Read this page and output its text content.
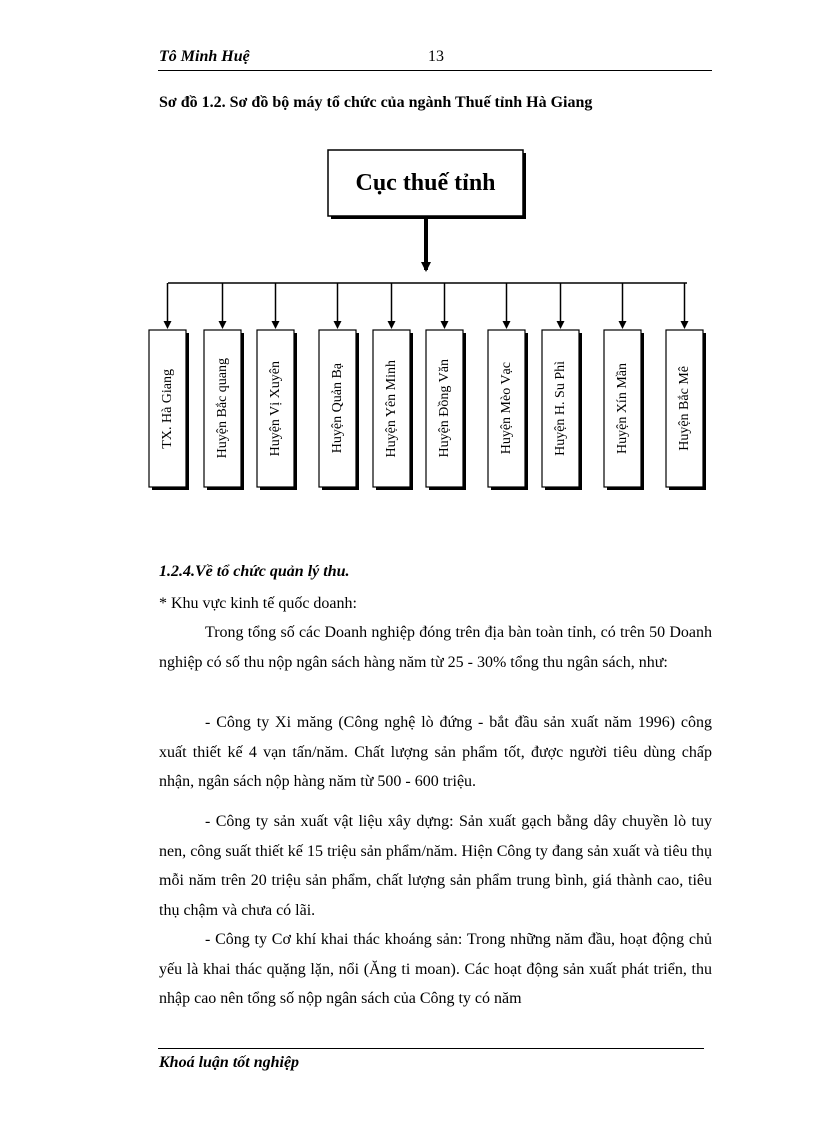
Tô Minh Huệ	13
Sơ đồ 1.2. Sơ đồ bộ máy tổ chức của ngành Thuế tỉnh Hà Giang
TX. Hà Giang	Huyện Bắc quang	Huyện Vị Xuyên	Huyện Quản Bạ	Huyện Yên Minh	Huyện Đồng Văn	Huyện Mèo Vạc	Huyện H. Su Phì	Huyện Xín Mần	Huyện Bắc Mê
Cục thuế tỉnh
1.2.4.Về tổ chức quản lý thu.
* Khu vực kinh tế quốc doanh:

Trong tổng số các Doanh nghiệp đóng trên địa bàn toàn tỉnh, có trên 50 Doanh nghiệp có số thu nộp ngân sách hàng năm từ 25 - 30% tổng thu ngân sách, như:

- Công ty Xi măng (Công nghệ lò đứng - bắt đầu sản xuất năm 1996) công xuất thiết kế 4 vạn tấn/năm. Chất lượng sản phẩm tốt, được người tiêu dùng chấp nhận, ngân sách nộp hàng năm từ 500 - 600 triệu.

- Công ty sản xuất vật liệu xây dựng: Sản xuất gạch bằng dây chuyền lò tuy nen, công suất thiết kế 15 triệu sản phẩm/năm. Hiện Công ty đang sản xuất và tiêu thụ mỗi năm trên 20 triệu sản phẩm, chất lượng sản phẩm trung bình, giá thành cao, tiêu thụ chậm và chưa có lãi.

- Công ty Cơ khí khai thác khoáng sản: Trong những năm đầu, hoạt động chủ yếu là khai thác quặng lặn, nổi (Ăng ti moan). Các hoạt động sản xuất phát triển, thu nhập cao nên tổng số nộp ngân sách của Công ty có năm

Khoá luận tốt nghiệp
